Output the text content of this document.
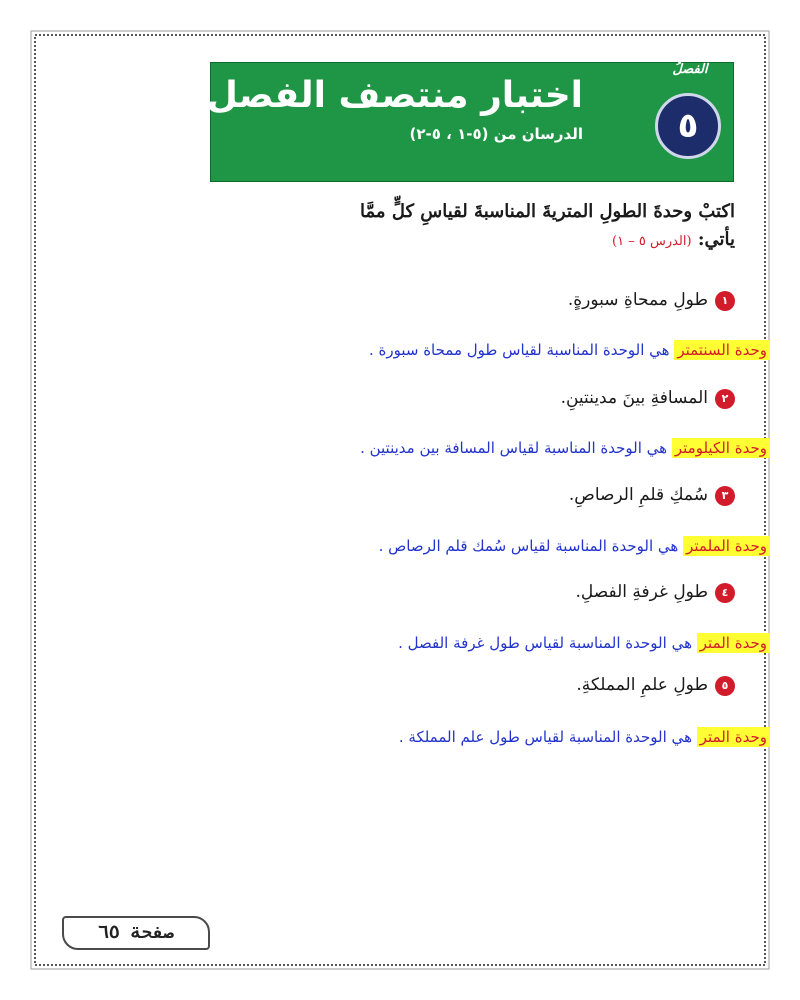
اختبار منتصف الفصل
الدرسان من (٥-١ ، ٥-٢)
الفصلُ
٥
اكتبْ وحدةَ الطولِ المتريةَ المناسبةَ لقياسِ كلٍّ ممَّا
يأتي: (الدرس ٥ – ١)
١طولِ ممحاةِ سبورةٍ.
وحدة السنتمتر هي الوحدة المناسبة لقياس طول ممحاة سبورة .
٢المسافةِ بينَ مدينتينِ.
وحدة الكيلومتر هي الوحدة المناسبة لقياس المسافة بين مدينتين .
٣سُمكِ قلمِ الرصاصِ.
وحدة الملمتر هي الوحدة المناسبة لقياس سُمك قلم الرصاص .
٤طولِ غرفةِ الفصلِ.
وحدة المتر هي الوحدة المناسبة لقياس طول غرفة الفصل .
٥طولِ علمِ المملكةِ.
وحدة المتر هي الوحدة المناسبة لقياس طول علم المملكة .
صفحة ٦٥
